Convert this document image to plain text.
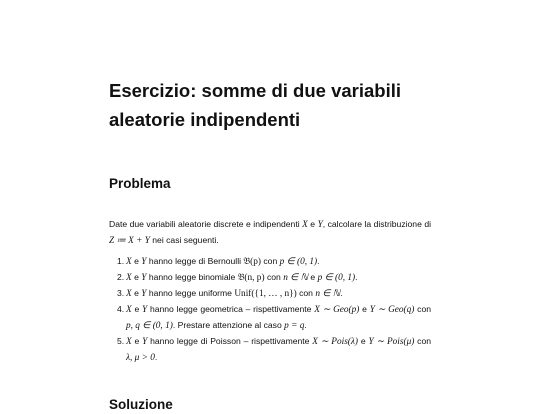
Esercizio: somme di due variabili aleatorie indipendenti
Problema

Date due variabili aleatorie discrete e indipendenti X e Y, calcolare la distribuzione di Z ≔ X + Y nei casi seguenti.

1. X e Y hanno legge di Bernoulli 𝔅(p) con p ∈ (0, 1).
2. X e Y hanno legge binomiale 𝔅(n, p) con n ∈ ℕ e p ∈ (0, 1).
3. X e Y hanno legge uniforme Unif({1, … , n}) con n ∈ ℕ.
4. X e Y hanno legge geometrica – rispettivamente X ∼ Geo(p) e Y ∼ Geo(q) con p, q ∈ (0, 1). Prestare attenzione al caso p = q.
5. X e Y hanno legge di Poisson – rispettivamente X ∼ Pois(λ) e Y ∼ Pois(μ) con λ, μ > 0.
Soluzione
